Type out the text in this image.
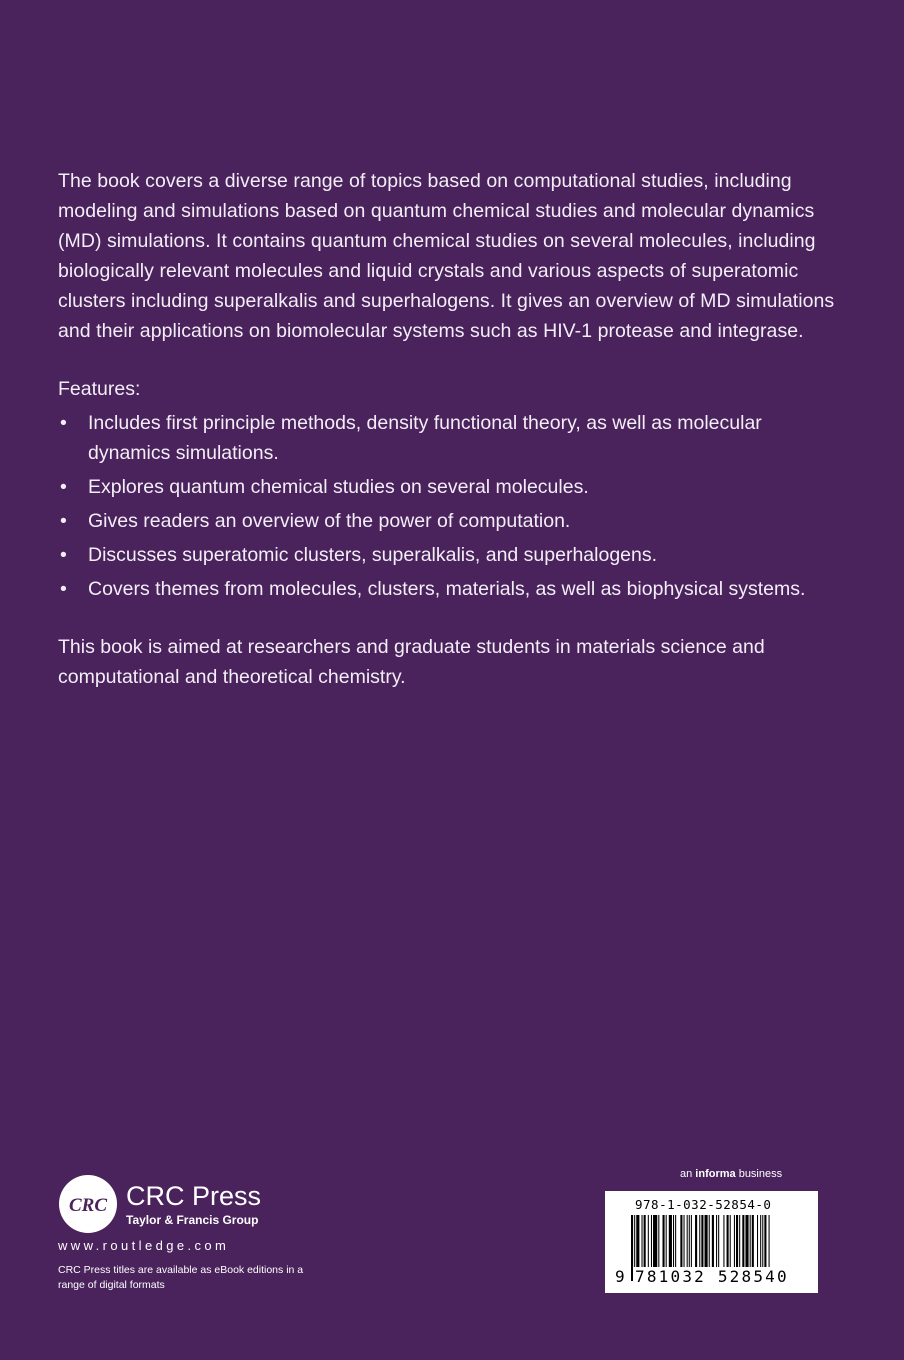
The book covers a diverse range of topics based on computational studies, including modeling and simulations based on quantum chemical studies and molecular dynamics (MD) simulations. It contains quantum chemical studies on several molecules, including biologically relevant molecules and liquid crystals and various aspects of superatomic clusters including superalkalis and superhalogens. It gives an overview of MD simulations and their applications on biomolecular systems such as HIV-1 protease and integrase.

Features:
• Includes first principle methods, density functional theory, as well as molecular dynamics simulations.
• Explores quantum chemical studies on several molecules.
• Gives readers an overview of the power of computation.
• Discusses superatomic clusters, superalkalis, and superhalogens.
• Covers themes from molecules, clusters, materials, as well as biophysical systems.

This book is aimed at researchers and graduate students in materials science and computational and theoretical chemistry.

CRC CRC Press
Taylor & Francis Group
www.routledge.com
CRC Press titles are available as eBook editions in a range of digital formats
an informa business
978-1-032-52854-0
9 781032 528540
